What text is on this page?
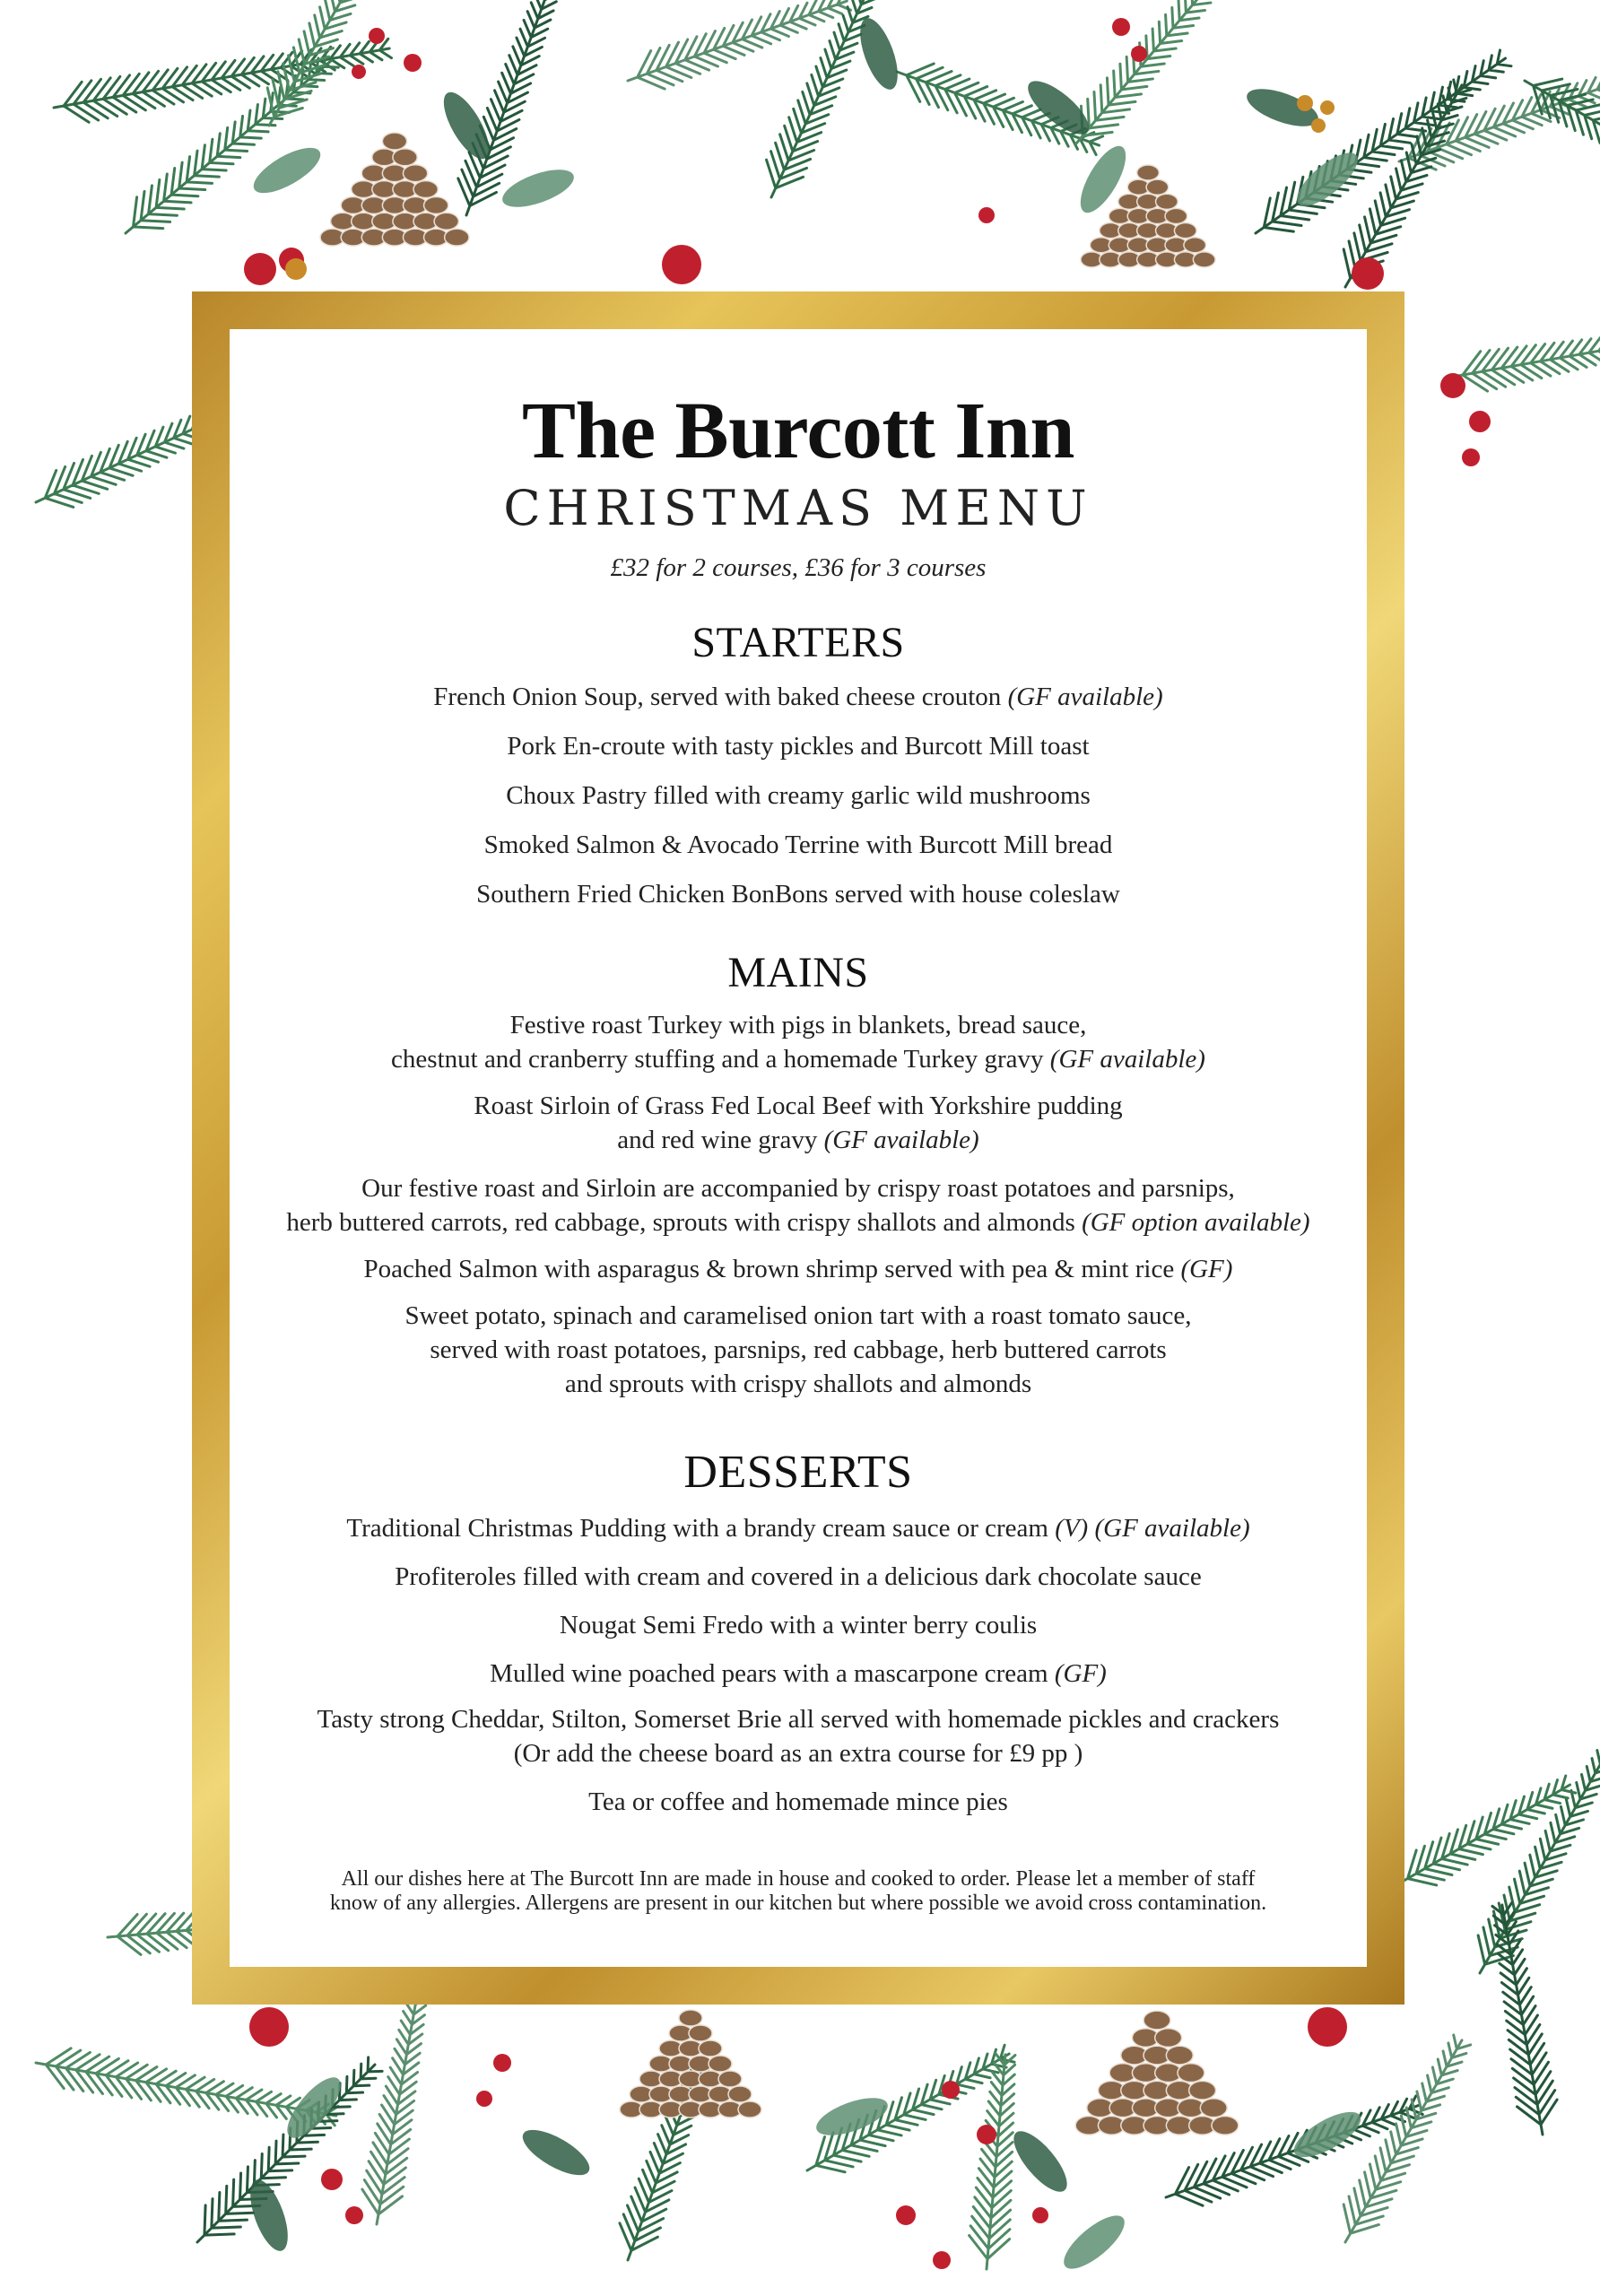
The Burcott Inn
CHRISTMAS MENU
£32 for 2 courses, £36 for 3 courses
STARTERS
French Onion Soup, served with baked cheese crouton (GF available)
Pork En-croute with tasty pickles and Burcott Mill toast
Choux Pastry filled with creamy garlic wild mushrooms
Smoked Salmon & Avocado Terrine with Burcott Mill bread
Southern Fried Chicken BonBons served with house coleslaw
MAINS
Festive roast Turkey with pigs in blankets, bread sauce,
chestnut and cranberry stuffing and a homemade Turkey gravy (GF available)
Roast Sirloin of Grass Fed Local Beef with Yorkshire pudding
and red wine gravy (GF available)
Our festive roast and Sirloin are accompanied by crispy roast potatoes and parsnips,
herb buttered carrots, red cabbage, sprouts with crispy shallots and almonds (GF option available)
Poached Salmon with asparagus & brown shrimp served with pea & mint rice (GF)
Sweet potato, spinach and caramelised onion tart with a roast tomato sauce,
served with roast potatoes, parsnips, red cabbage, herb buttered carrots
and sprouts with crispy shallots and almonds
DESSERTS
Traditional Christmas Pudding with a brandy cream sauce or cream (V) (GF available)
Profiteroles filled with cream and covered in a delicious dark chocolate sauce
Nougat Semi Fredo with a winter berry coulis
Mulled wine poached pears with a mascarpone cream (GF)
Tasty strong Cheddar, Stilton, Somerset Brie all served with homemade pickles and crackers
(Or add the cheese board as an extra course for £9 pp )
Tea or coffee and homemade mince pies
All our dishes here at The Burcott Inn are made in house and cooked to order. Please let a member of staff
know of any allergies. Allergens are present in our kitchen but where possible we avoid cross contamination.
